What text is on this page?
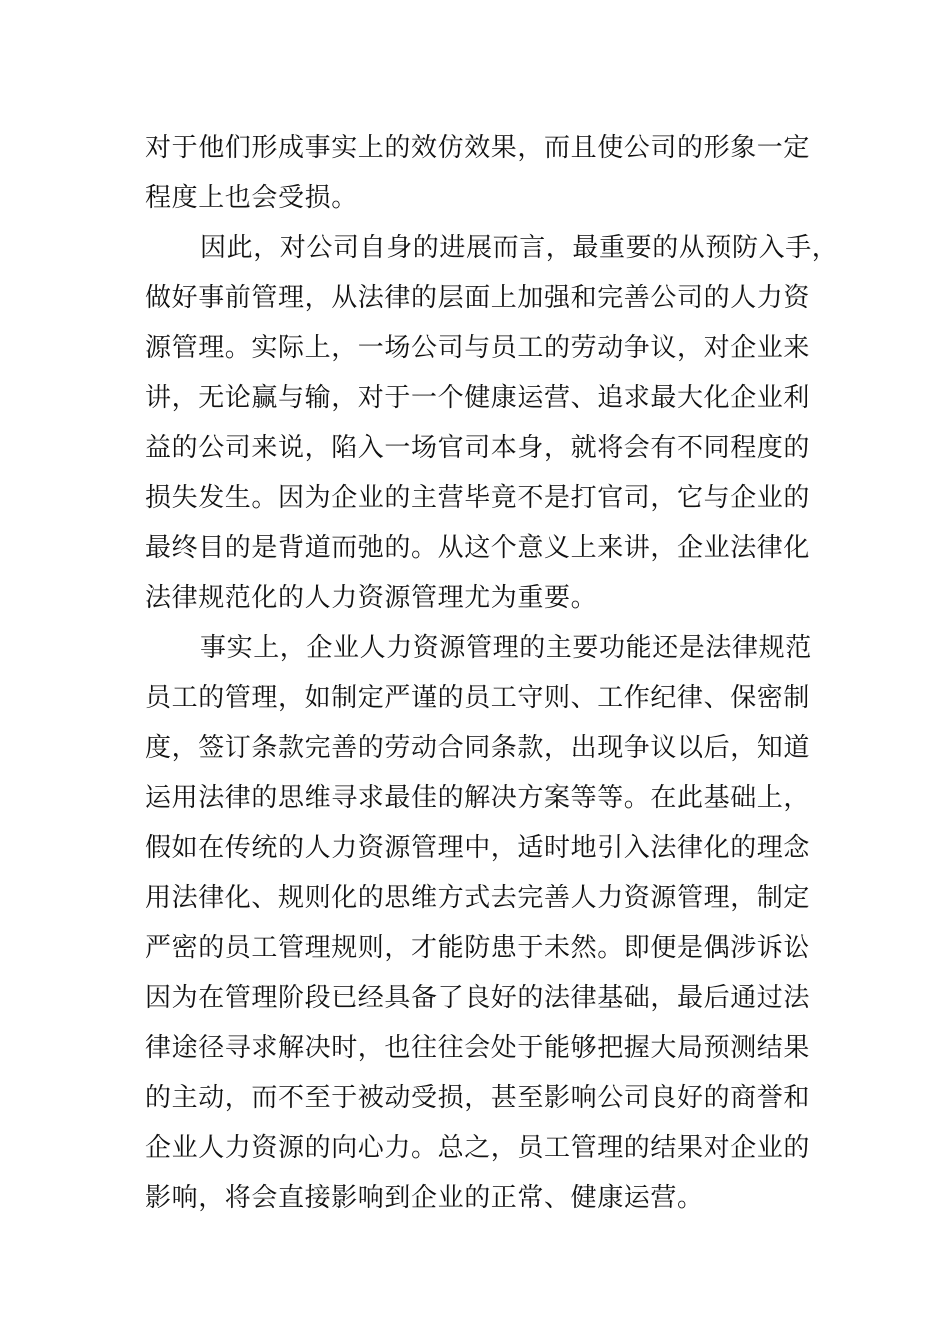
对于他们形成事实上的效仿效果，而且使公司的形象一定

程度上也会受损。

因此，对公司自身的进展而言，最重要的从预防入手，

做好事前管理，从法律的层面上加强和完善公司的人力资

源管理。实际上，一场公司与员工的劳动争议，对企业来

讲，无论赢与输，对于一个健康运营、追求最大化企业利

益的公司来说，陷入一场官司本身，就将会有不同程度的

损失发生。因为企业的主营毕竟不是打官司，它与企业的

最终目的是背道而弛的。从这个意义上来讲，企业法律化

法律规范化的人力资源管理尤为重要。

事实上，企业人力资源管理的主要功能还是法律规范

员工的管理，如制定严谨的员工守则、工作纪律、保密制

度，签订条款完善的劳动合同条款，出现争议以后，知道

运用法律的思维寻求最佳的解决方案等等。在此基础上，

假如在传统的人力资源管理中，适时地引入法律化的理念

用法律化、规则化的思维方式去完善人力资源管理，制定

严密的员工管理规则，才能防患于未然。即便是偶涉诉讼

因为在管理阶段已经具备了良好的法律基础，最后通过法

律途径寻求解决时，也往往会处于能够把握大局预测结果

的主动，而不至于被动受损，甚至影响公司良好的商誉和

企业人力资源的向心力。总之，员工管理的结果对企业的

影响，将会直接影响到企业的正常、健康运营。
